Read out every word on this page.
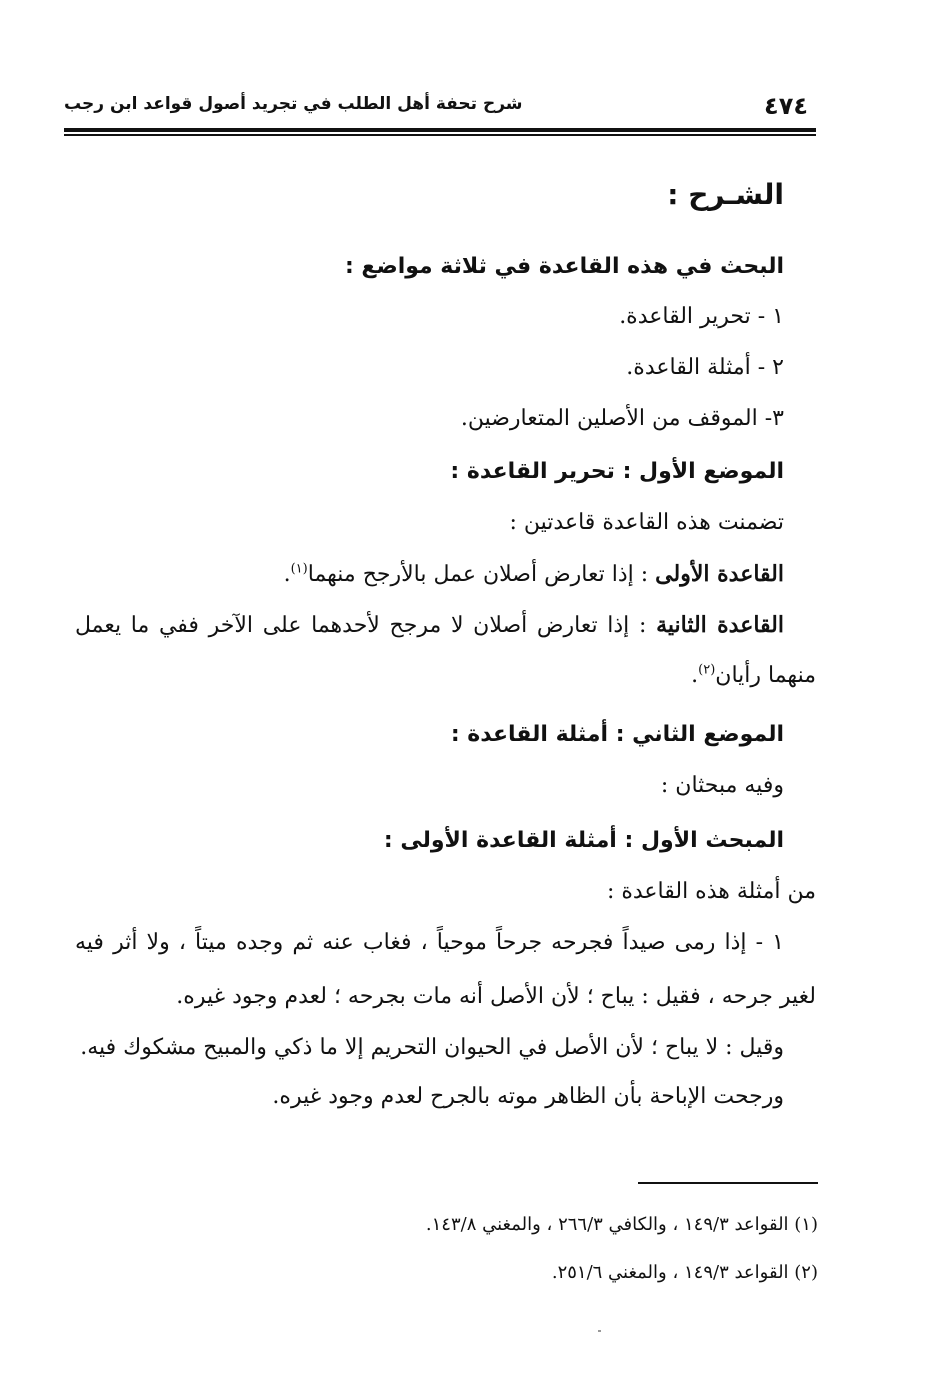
٤٧٤
شرح تحفة أهل الطلب في تجريد أصول قواعد ابن رجب
الشـرح :
البحث في هذه القاعدة في ثلاثة مواضع :
١ - تحرير القاعدة.
٢ - أمثلة القاعدة.
٣- الموقف من الأصلين المتعارضين.
الموضع الأول : تحرير القاعدة :
تضمنت هذه القاعدة قاعدتين :
القاعدة الأولى : إذا تعارض أصلان عمل بالأرجح منهما$^{(١)}$.
القاعدة الثانية : إذا تعارض أصلان لا مرجح لأحدهما على الآخر ففي ما يعمل
منهما رأيان$^{(٢)}$.
الموضع الثاني : أمثلة القاعدة :
وفيه مبحثان :
المبحث الأول : أمثلة القاعدة الأولى :
من أمثلة هذه القاعدة :
١ - إذا رمى صيداً فجرحه جرحاً موحياً ، فغاب عنه ثم وجده ميتاً ، ولا أثر فيه
لغير جرحه ، فقيل : يباح ؛ لأن الأصل أنه مات بجرحه ؛ لعدم وجود غيره.
وقيل : لا يباح ؛ لأن الأصل في الحيوان التحريم إلا ما ذكي والمبيح مشكوك فيه.
ورجحت الإباحة بأن الظاهر موته بالجرح لعدم وجود غيره.
(١) القواعد ١٤٩/٣ ، والكافي ٢٦٦/٣ ، والمغني ١٤٣/٨.
(٢) القواعد ١٤٩/٣ ، والمغني ٢٥١/٦.
